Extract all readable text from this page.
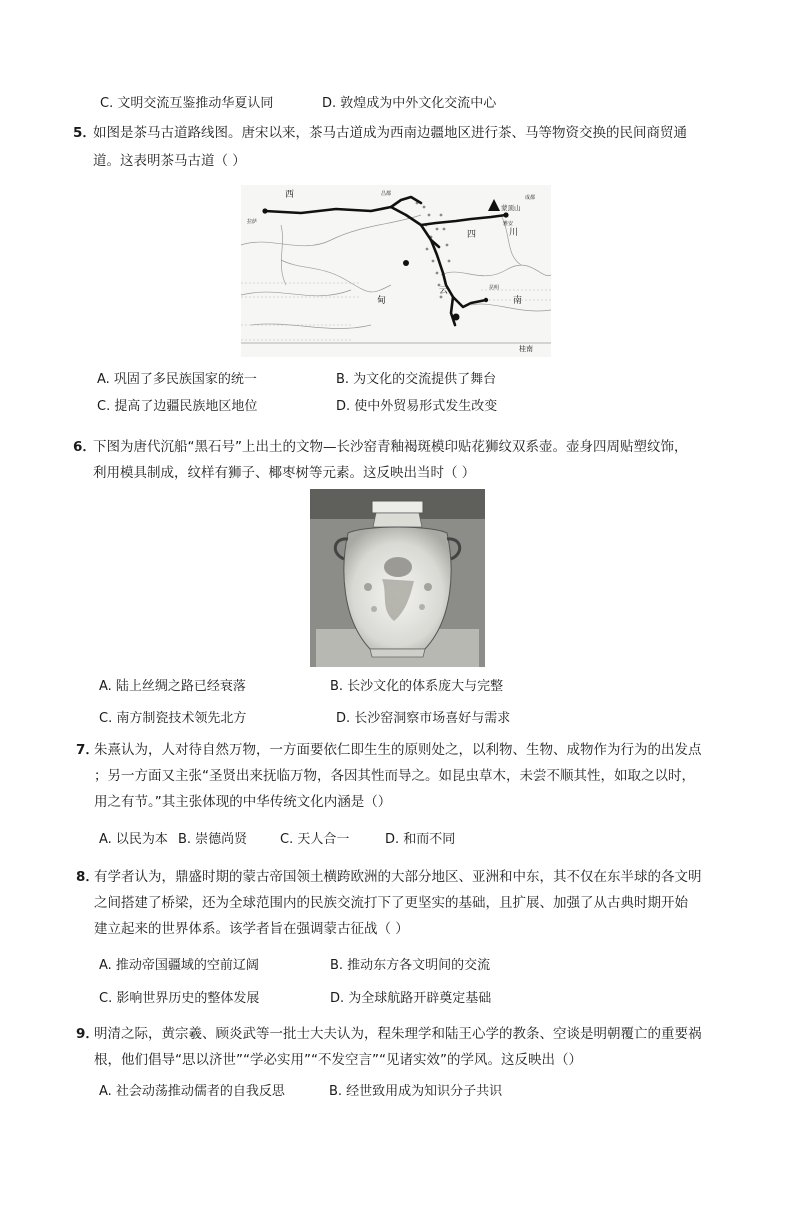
C. 文明交流互鉴推动华夏认同	D. 敦煌成为中外文化交流中心
5．
如图是茶马古道路线图。唐宋以来，茶马古道成为西南边疆地区进行茶、马等物资交换的民间商贸通
道。这表明茶马古道（ ）
西
川
四
云
南
甸
蒙顶山
成都
雅安
昆明
拉萨
昌都
桂南
A. 巩固了多民族国家的统一	B. 为文化的交流提供了舞台
C. 提高了边疆民族地区地位	D. 使中外贸易形式发生改变
6．
下图为唐代沉船“黑石号”上出土的文物—长沙窑青釉褐斑模印贴花狮纹双系壶。壶身四周贴塑纹饰，
利用模具制成，纹样有狮子、椰枣树等元素。这反映出当时（ ）
A. 陆上丝绸之路已经衰落	B. 长沙文化的体系庞大与完整
C. 南方制瓷技术领先北方	D. 长沙窑洞察市场喜好与需求
7．
朱熹认为，人对待自然万物，一方面要依仁即生生的原则处之，以利物、生物、成物作为行为的出发点
；另一方面又主张“圣贤出来抚临万物，各因其性而导之。如昆虫草木，未尝不顺其性，如取之以时，
用之有节。”其主张体现的中华传统文化内涵是（）
A. 以民为本 B. 崇德尚贤	C. 天人合一	D. 和而不同
8．
有学者认为，鼎盛时期的蒙古帝国领土横跨欧洲的大部分地区、亚洲和中东，其不仅在东半球的各文明
之间搭建了桥梁，还为全球范围内的民族交流打下了更坚实的基础，且扩展、加强了从古典时期开始
建立起来的世界体系。该学者旨在强调蒙古征战（ ）
A. 推动帝国疆域的空前辽阔	B. 推动东方各文明间的交流
C. 影响世界历史的整体发展	D. 为全球航路开辟奠定基础
9．
明清之际，黄宗羲、顾炎武等一批士大夫认为，程朱理学和陆王心学的教条、空谈是明朝覆亡的重要祸
根，他们倡导“思以济世”“学必实用”“不发空言”“见诸实效”的学风。这反映出（）
A. 社会动荡推动儒者的自我反思	B. 经世致用成为知识分子共识
